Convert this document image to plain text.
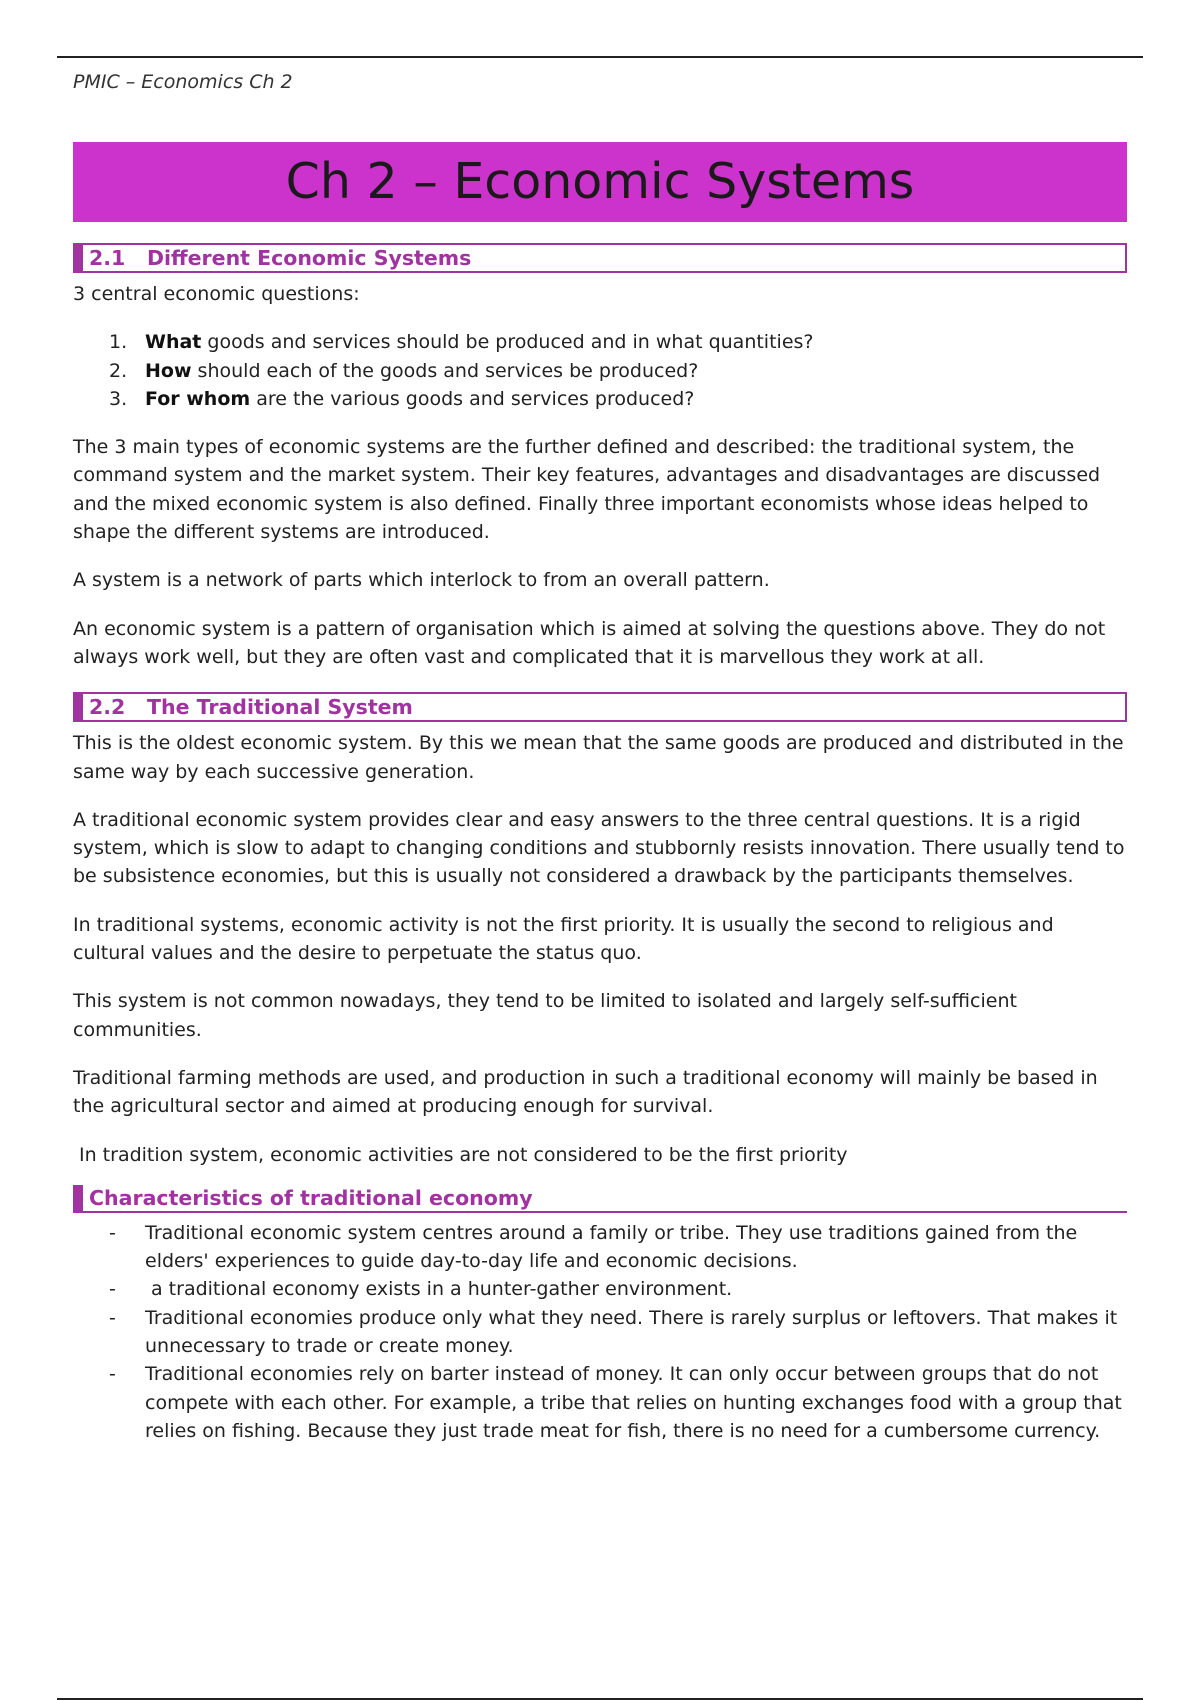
PMIC – Economics Ch 2
Ch 2 – Economic Systems
2.1 Different Economic Systems

3 central economic questions:

1. What goods and services should be produced and in what quantities?
2. How should each of the goods and services be produced?
3. For whom are the various goods and services produced?

The 3 main types of economic systems are the further defined and described: the traditional system, the command system and the market system. Their key features, advantages and disadvantages are discussed and the mixed economic system is also defined. Finally three important economists whose ideas helped to shape the different systems are introduced.

A system is a network of parts which interlock to from an overall pattern.

An economic system is a pattern of organisation which is aimed at solving the questions above. They do not always work well, but they are often vast and complicated that it is marvellous they work at all.

2.2 The Traditional System

This is the oldest economic system. By this we mean that the same goods are produced and distributed in the same way by each successive generation.

A traditional economic system provides clear and easy answers to the three central questions. It is a rigid system, which is slow to adapt to changing conditions and stubbornly resists innovation. There usually tend to be subsistence economies, but this is usually not considered a drawback by the participants themselves.

In traditional systems, economic activity is not the first priority. It is usually the second to religious and cultural values and the desire to perpetuate the status quo.

This system is not common nowadays, they tend to be limited to isolated and largely self-sufficient communities.

Traditional farming methods are used, and production in such a traditional economy will mainly be based in the agricultural sector and aimed at producing enough for survival.

In tradition system, economic activities are not considered to be the first priority

Characteristics of traditional economy
- Traditional economic system centres around a family or tribe. They use traditions gained from the elders' experiences to guide day-to-day life and economic decisions.
- a traditional economy exists in a hunter-gather environment.
- Traditional economies produce only what they need. There is rarely surplus or leftovers. That makes it unnecessary to trade or create money.
- Traditional economies rely on barter instead of money. It can only occur between groups that do not compete with each other. For example, a tribe that relies on hunting exchanges food with a group that relies on fishing. Because they just trade meat for fish, there is no need for a cumbersome currency.
